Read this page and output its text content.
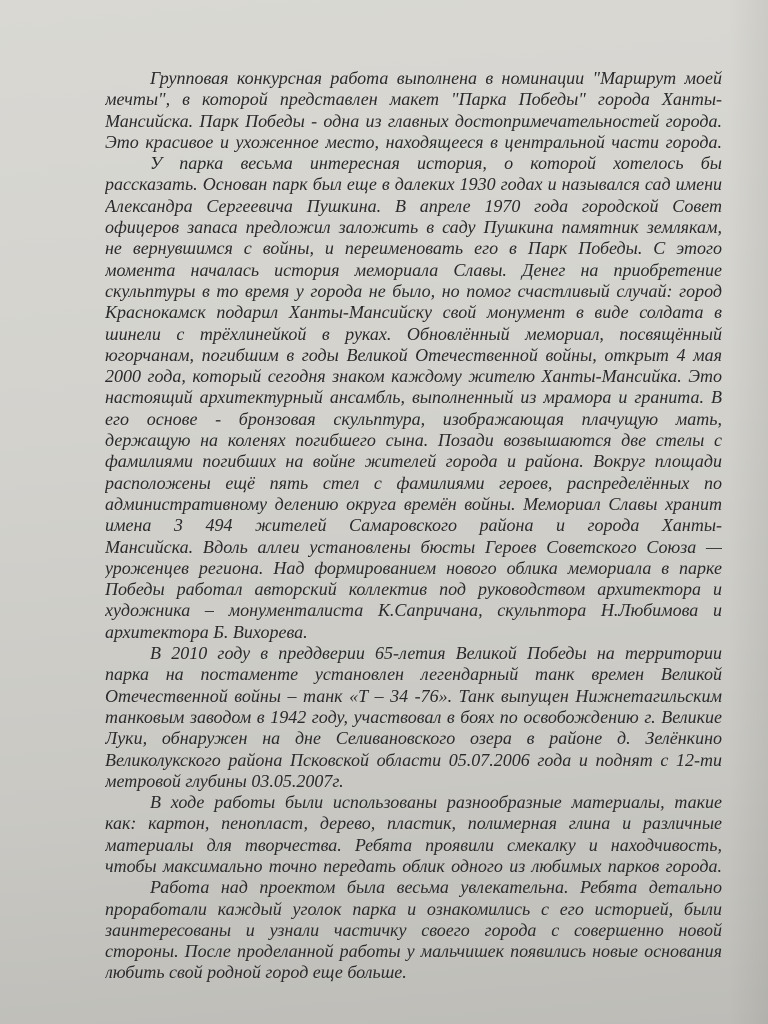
Групповая конкурсная работа выполнена в номинации "Маршрут моей
мечты", в которой представлен макет "Парка Победы" города Ханты-
Мансийска. Парк Победы - одна из главных достопримечательностей города.
Это красивое и ухоженное место, находящееся в центральной части города.
У парка весьма интересная история, о которой хотелось бы
рассказать. Основан парк был еще в далеких 1930 годах и назывался сад имени
Александра Сергеевича Пушкина. В апреле 1970 года городской Совет
офицеров запаса предложил заложить в саду Пушкина памятник землякам,
не вернувшимся с войны, и переименовать его в Парк Победы. С этого
момента началась история мемориала Славы. Денег на приобретение
скульптуры в то время у города не было, но помог счастливый случай: город
Краснокамск подарил Ханты-Мансийску свой монумент в виде солдата в
шинели с трёхлинейкой в руках. Обновлённый мемориал, посвящённый
югорчанам, погибшим в годы Великой Отечественной войны, открыт 4 мая
2000 года, который сегодня знаком каждому жителю Ханты-Мансийка. Это
настоящий архитектурный ансамбль, выполненный из мрамора и гранита. В
его основе - бронзовая скульптура, изображающая плачущую мать,
держащую на коленях погибшего сына. Позади возвышаются две стелы с
фамилиями погибших на войне жителей города и района. Вокруг площади
расположены ещё пять стел с фамилиями героев, распределённых по
административному делению округа времён войны. Мемориал Славы хранит
имена 3 494 жителей Самаровского района и города Ханты-
Мансийска. Вдоль аллеи установлены бюсты Героев Советского Союза —
уроженцев региона. Над формированием нового облика мемориала в парке
Победы работал авторский коллектив под руководством архитектора и
художника – монументалиста К.Сапричана, скульптора Н.Любимова и
архитектора Б. Вихорева.
В 2010 году в преддверии 65-летия Великой Победы на территории
парка на постаменте установлен легендарный танк времен Великой
Отечественной войны – танк «Т – 34 -76». Танк выпущен Нижнетагильским
танковым заводом в 1942 году, участвовал в боях по освобождению г. Великие
Луки, обнаружен на дне Селивановского озера в районе д. Зелёнкино
Великолукского района Псковской области 05.07.2006 года и поднят с 12-ти
метровой глубины 03.05.2007г.
В ходе работы были использованы разнообразные материалы, такие
как: картон, пенопласт, дерево, пластик, полимерная глина и различные
материалы для творчества. Ребята проявили смекалку и находчивость,
чтобы максимально точно передать облик одного из любимых парков города.
Работа над проектом была весьма увлекательна. Ребята детально
проработали каждый уголок парка и ознакомились с его историей, были
заинтересованы и узнали частичку своего города с совершенно новой
стороны. После проделанной работы у мальчишек появились новые основания
любить свой родной город еще больше.
